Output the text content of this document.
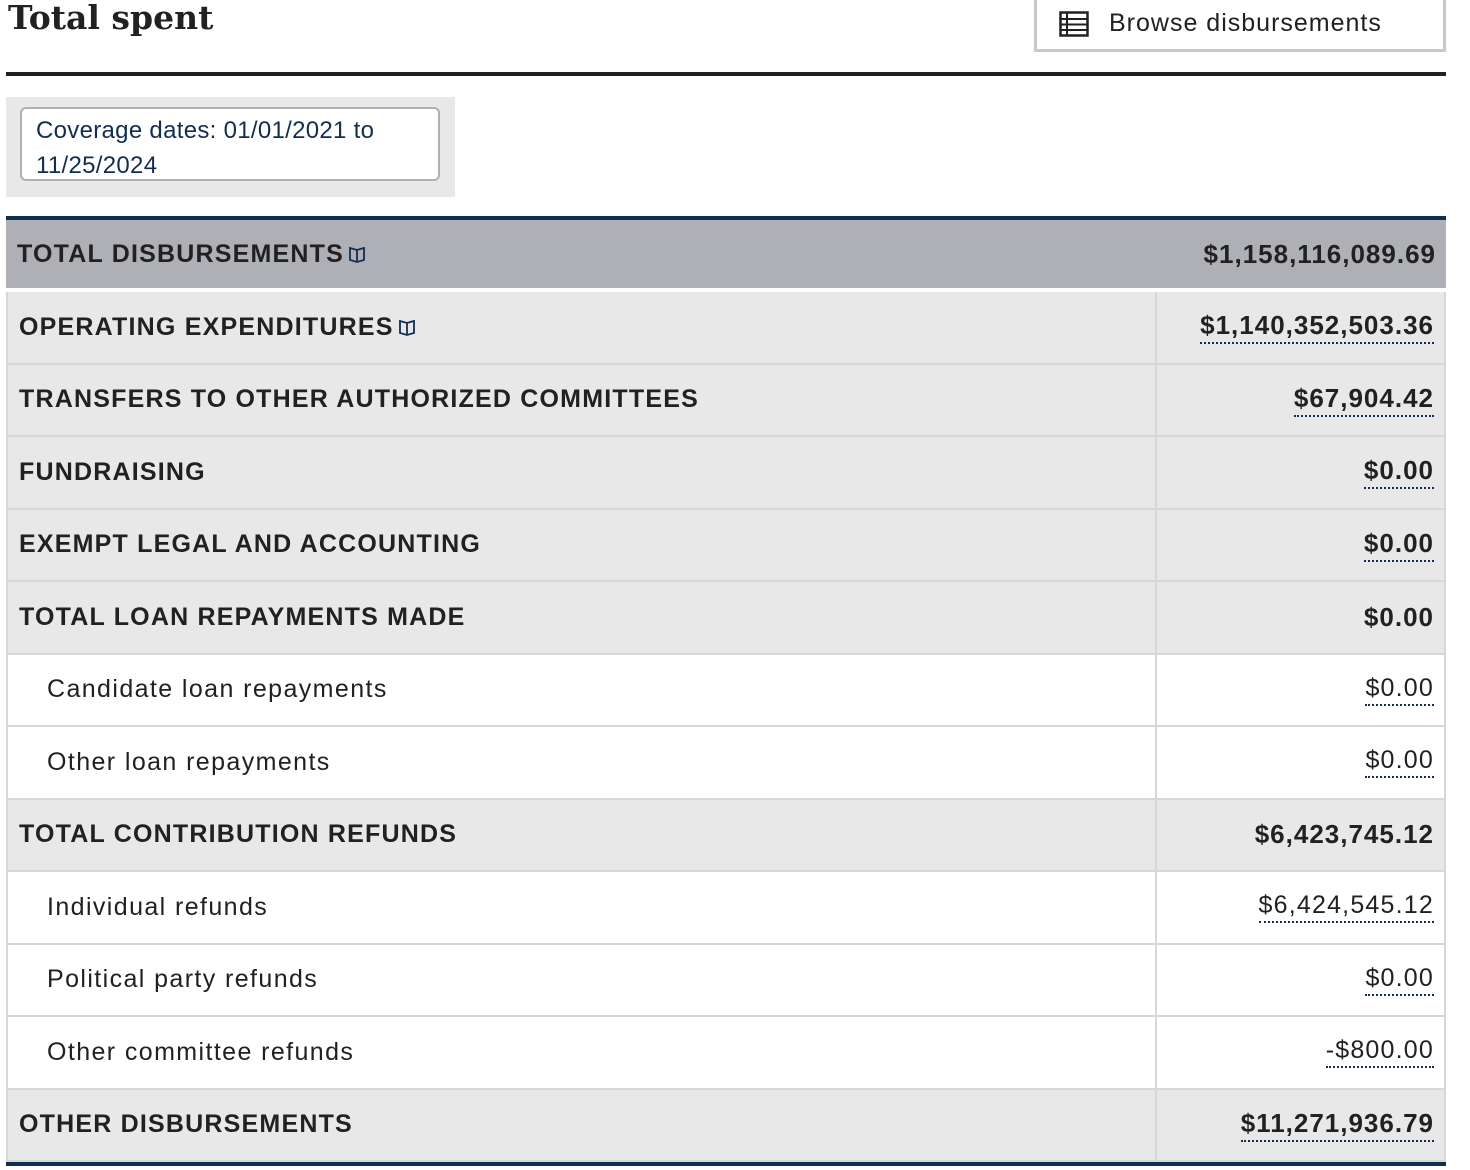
Total spent	Browse disbursements
Coverage dates: 01/01/2021 to 11/25/2024
TOTAL DISBURSEMENTS	$1,158,116,089.69
OPERATING EXPENDITURES	$1,140,352,503.36
TRANSFERS TO OTHER AUTHORIZED COMMITTEES	$67,904.42
FUNDRAISING	$0.00
EXEMPT LEGAL AND ACCOUNTING	$0.00
TOTAL LOAN REPAYMENTS MADE	$0.00
Candidate loan repayments	$0.00
Other loan repayments	$0.00
TOTAL CONTRIBUTION REFUNDS	$6,423,745.12
Individual refunds	$6,424,545.12
Political party refunds	$0.00
Other committee refunds	-$800.00
OTHER DISBURSEMENTS	$11,271,936.79
